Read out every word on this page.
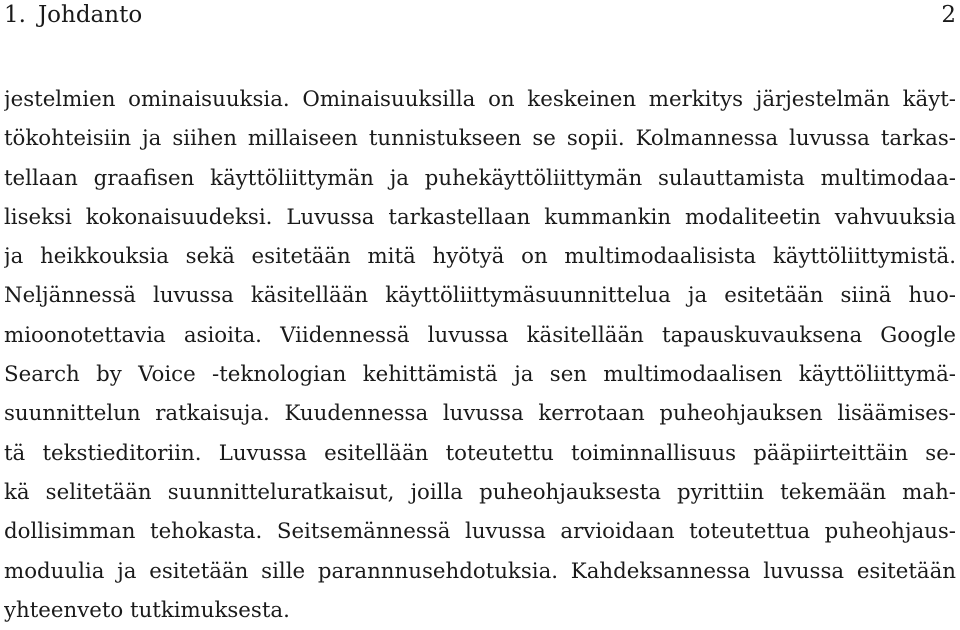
1. Johdanto	2
jestelmien ominaisuuksia. Ominaisuuksilla on keskeinen merkitys järjestelmän käyt-
tökohteisiin ja siihen millaiseen tunnistukseen se sopii. Kolmannessa luvussa tarkas-
tellaan graafisen käyttöliittymän ja puhekäyttöliittymän sulauttamista multimodaa-
liseksi kokonaisuudeksi. Luvussa tarkastellaan kummankin modaliteetin vahvuuksia
ja heikkouksia sekä esitetään mitä hyötyä on multimodaalisista käyttöliittymistä.
Neljännessä luvussa käsitellään käyttöliittymäsuunnittelua ja esitetään siinä huo-
mioonotettavia asioita. Viidennessä luvussa käsitellään tapauskuvauksena Google
Search by Voice -teknologian kehittämistä ja sen multimodaalisen käyttöliittymä-
suunnittelun ratkaisuja. Kuudennessa luvussa kerrotaan puheohjauksen lisäämises-
tä tekstieditoriin. Luvussa esitellään toteutettu toiminnallisuus pääpiirteittäin se-
kä selitetään suunnitteluratkaisut, joilla puheohjauksesta pyrittiin tekemään mah-
dollisimman tehokasta. Seitsemännessä luvussa arvioidaan toteutettua puheohjaus-
moduulia ja esitetään sille parannnusehdotuksia. Kahdeksannessa luvussa esitetään
yhteenveto tutkimuksesta.
